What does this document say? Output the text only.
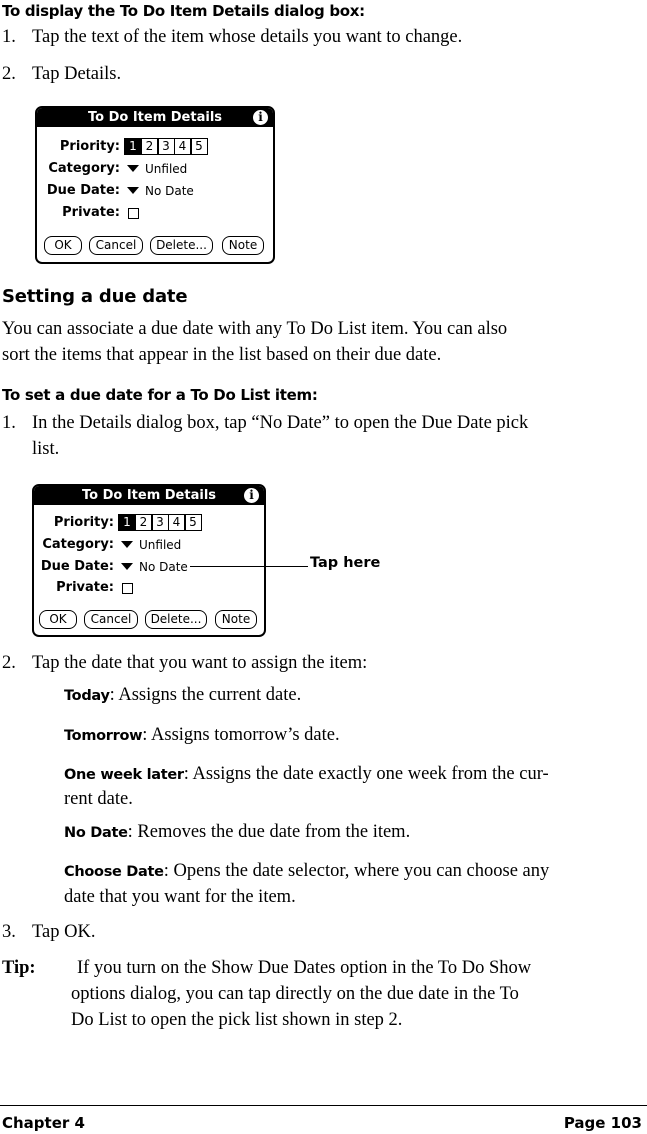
To display the To Do Item Details dialog box:
1. Tap the text of the item whose details you want to change.
2. Tap Details.
To Do Item Details	i
Priority: 1 2 3 4 5
Category:	Unfiled
Due Date:	No Date
Private:
OK	Cancel	Delete...	Note
Setting a due date
You can associate a due date with any To Do List item. You can also
sort the items that appear in the list based on their due date.
To set a due date for a To Do List item:
1. In the Details dialog box, tap “No Date” to open the Due Date pick
list.
To Do Item Details	i
Priority: 1 2 3 4 5
Category:	Unfiled
Due Date:	No Date
Private:
OK	Cancel	Delete...	Note
Tap here
2. Tap the date that you want to assign the item:
Today: Assigns the current date.
Tomorrow: Assigns tomorrow’s date.
One week later: Assigns the date exactly one week from the cur-
rent date.
No Date: Removes the due date from the item.
Choose Date: Opens the date selector, where you can choose any
date that you want for the item.
3. Tap OK.
Tip:	If you turn on the Show Due Dates option in the To Do Show
options dialog, you can tap directly on the due date in the To
Do List to open the pick list shown in step 2.
Chapter 4	Page 103
